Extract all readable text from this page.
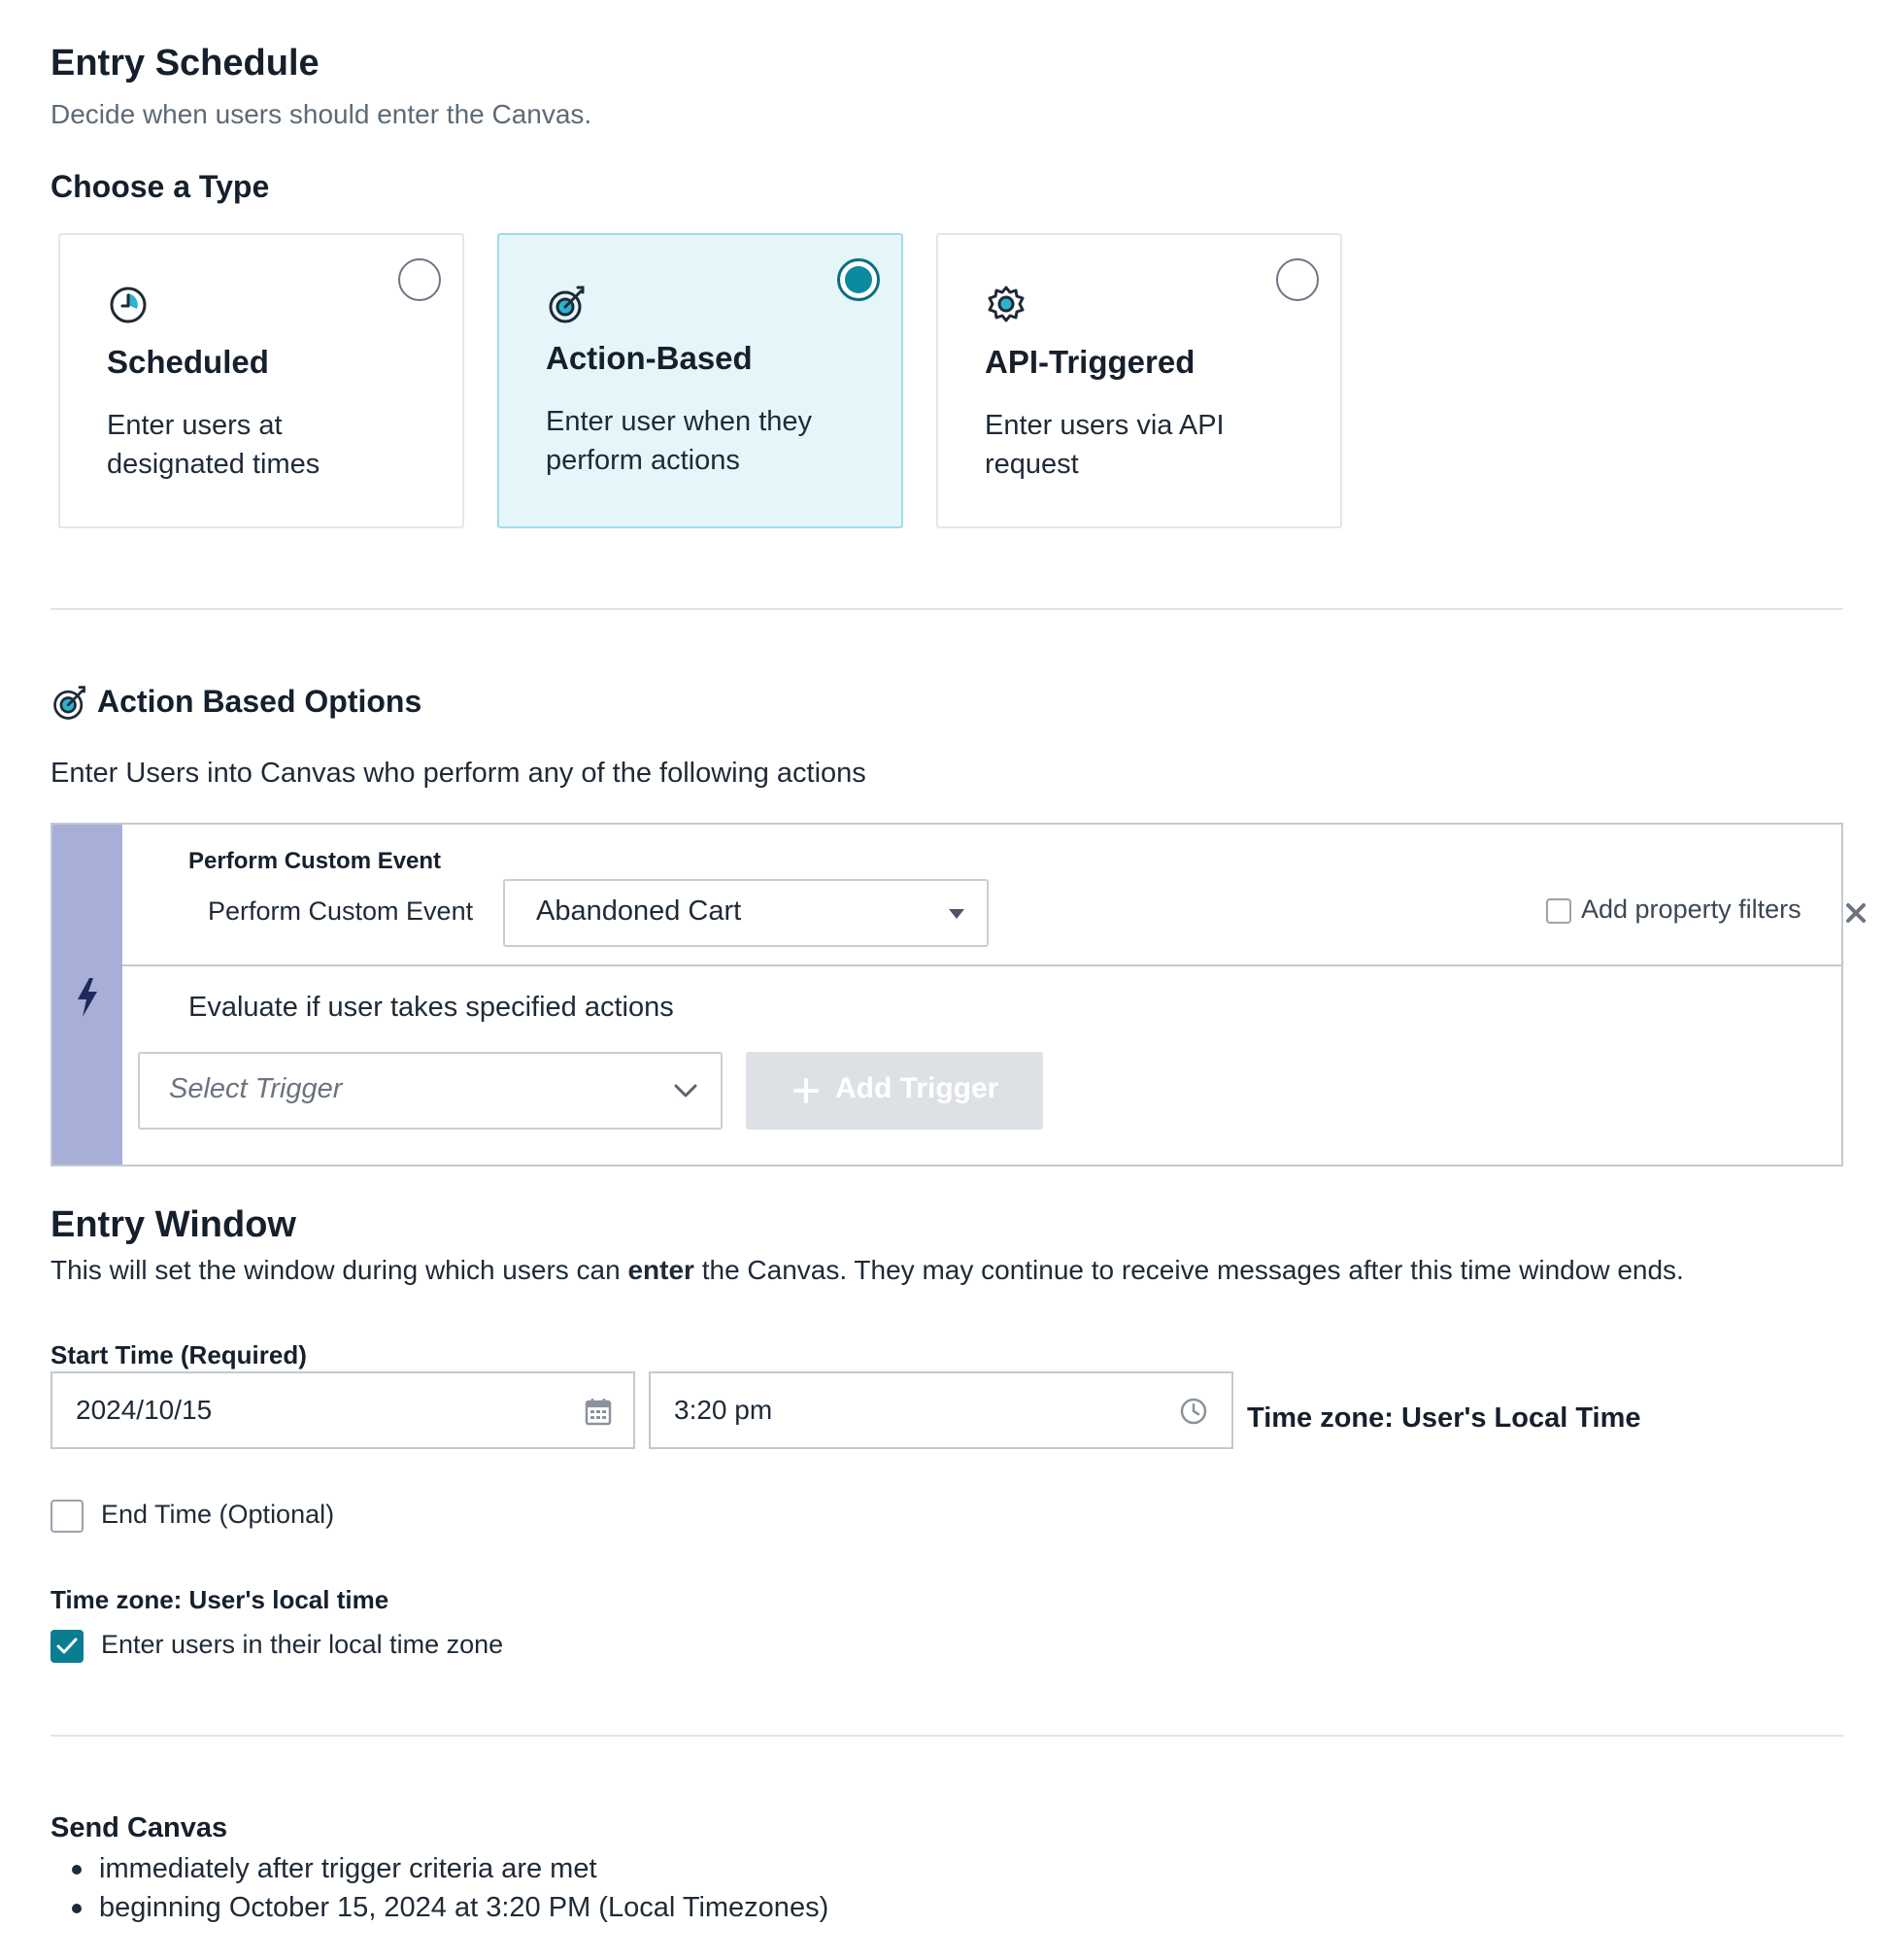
Entry Schedule
Decide when users should enter the Canvas.
Choose a Type
Scheduled
Enter users at designated times
Action-Based
Enter user when they perform actions
API-Triggered
Enter users via API request
Action Based Options
Enter Users into Canvas who perform any of the following actions
Perform Custom Event
Perform Custom Event Abandoned Cart	Add property filters
Evaluate if user takes specified actions
Select Trigger	Add Trigger
Entry Window
This will set the window during which users can enter the Canvas. They may continue to receive messages after this time window ends.
Start Time (Required)
2024/10/15	3:20 pm	Time zone: User's Local Time
End Time (Optional)
Time zone: User's local time
Enter users in their local time zone
Send Canvas
immediately after trigger criteria are met
beginning October 15, 2024 at 3:20 PM (Local Timezones)
